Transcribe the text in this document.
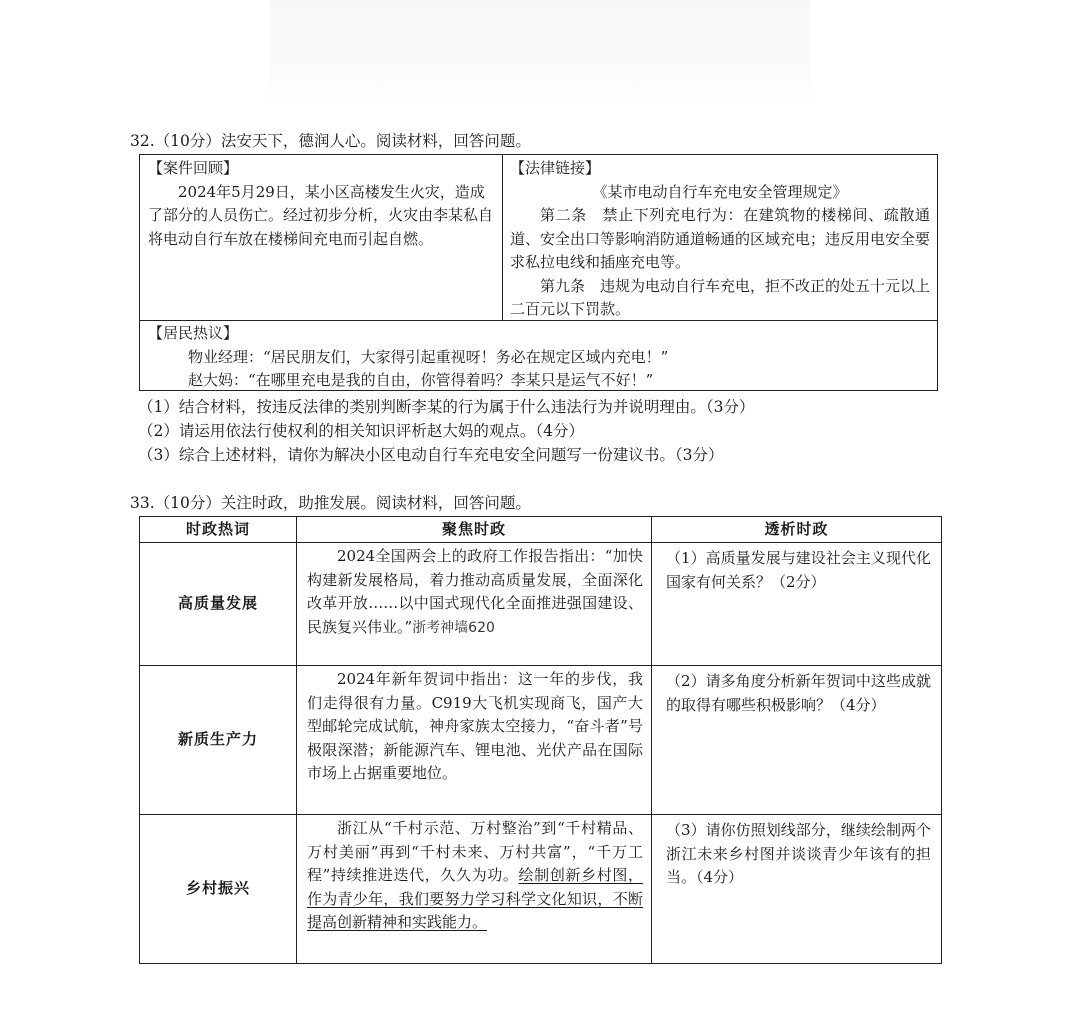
32.（10分）法安天下，德润人心。阅读材料，回答问题。
【案件回顾】
2024年5月29日，某小区高楼发生火灾，造成了部分的人员伤亡。经过初步分析，火灾由李某私自将电动自行车放在楼梯间充电而引起自燃。
【法律链接】
《某市电动自行车充电安全管理规定》
第二条　禁止下列充电行为：在建筑物的楼梯间、疏散通道、安全出口等影响消防通道畅通的区域充电；违反用电安全要求私拉电线和插座充电等。
第九条　违规为电动自行车充电，拒不改正的处五十元以上二百元以下罚款。
【居民热议】
物业经理：“居民朋友们，大家得引起重视呀！务必在规定区域内充电！”
赵大妈：“在哪里充电是我的自由，你管得着吗？李某只是运气不好！”
（1）结合材料，按违反法律的类别判断李某的行为属于什么违法行为并说明理由。（3分）
（2）请运用依法行使权利的相关知识评析赵大妈的观点。（4分）
（3）综合上述材料，请你为解决小区电动自行车充电安全问题写一份建议书。（3分）
33.（10分）关注时政，助推发展。阅读材料，回答问题。
时政热词	聚焦时政	透析时政
高质量发展	2024全国两会上的政府工作报告指出：“加快构建新发展格局，着力推动高质量发展，全面深化改革开放……以中国式现代化全面推进强国建设、民族复兴伟业。”浙考神墙620	（1）高质量发展与建设社会主义现代化国家有何关系？（2分）
新质生产力	2024年新年贺词中指出：这一年的步伐，我们走得很有力量。C919大飞机实现商飞，国产大型邮轮完成试航，神舟家族太空接力，“奋斗者”号极限深潜；新能源汽车、锂电池、光伏产品在国际市场上占据重要地位。	（2）请多角度分析新年贺词中这些成就的取得有哪些积极影响？（4分）
乡村振兴	浙江从“千村示范、万村整治”到“千村精品、万村美丽”再到“千村未来、万村共富”，“千万工程”持续推进迭代，久久为功。绘制创新乡村图，作为青少年，我们要努力学习科学文化知识，不断提高创新精神和实践能力。	（3）请你仿照划线部分，继续绘制两个浙江未来乡村图并谈谈青少年该有的担当。（4分）
